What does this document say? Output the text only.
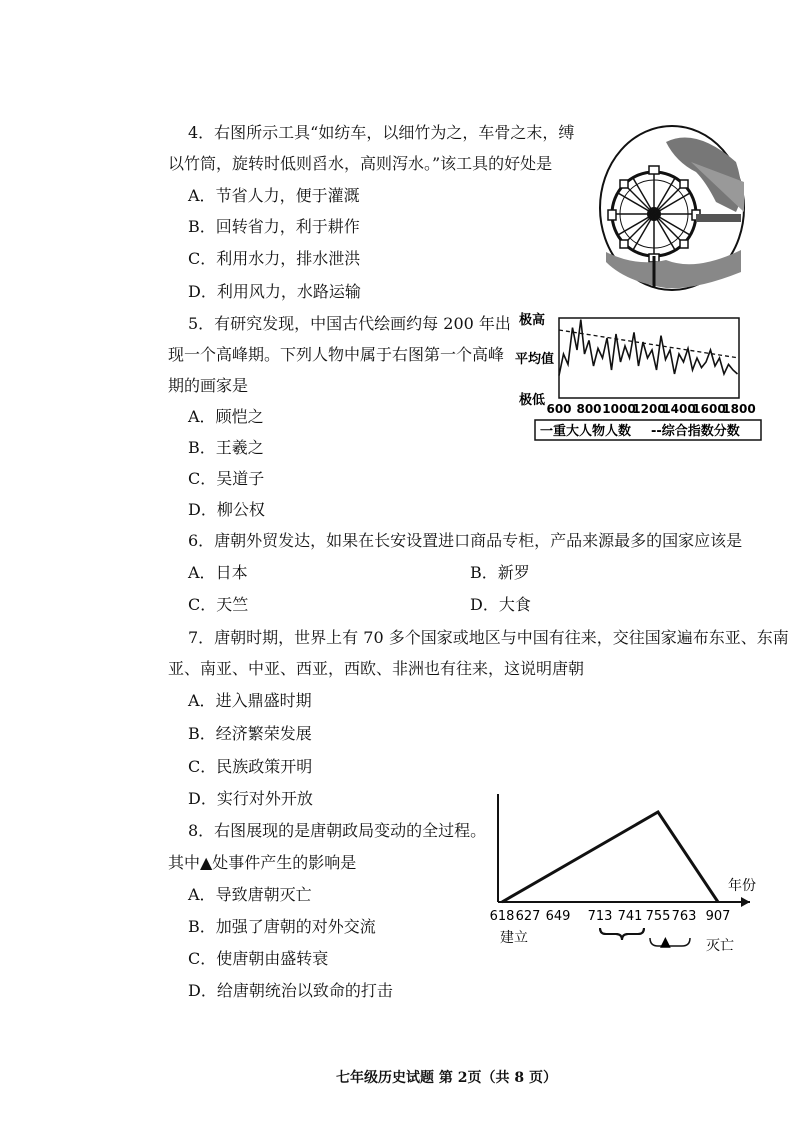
4．右图所示工具“如纺车，以细竹为之，车骨之末，缚
以竹筒，旋转时低则舀水，高则泻水。”该工具的好处是
A．节省人力，便于灌溉
B．回转省力，利于耕作
C．利用水力，排水泄洪
D．利用风力，水路运输
5．有研究发现，中国古代绘画约每 200 年出
现一个高峰期。下列人物中属于右图第一个高峰
期的画家是
A．顾恺之
B．王羲之
C．吴道子
D．柳公权
极高
平均值
极低
600 800 1000
1200
1400
1600
1800
一重大人物人数 --综合指数分数
6．唐朝外贸发达，如果在长安设置进口商品专柜，产品来源最多的国家应该是
A．日本	B．新罗
C．天竺	D．大食
7．唐朝时期，世界上有 70 多个国家或地区与中国有往来，交往国家遍布东亚、东南
亚、南亚、中亚、西亚，西欧、非洲也有往来，这说明唐朝
A．进入鼎盛时期
B．经济繁荣发展
C．民族政策开明
D．实行对外开放
8．右图展现的是唐朝政局变动的全过程。
其中▲处事件产生的影响是
A．导致唐朝灭亡
B．加强了唐朝的对外交流
C．使唐朝由盛转衰
D．给唐朝统治以致命的打击
年份
618 627 649 713 741 755 763 907
建立	灭亡
▲
七年级历史试题 第 2页（共 8 页）
